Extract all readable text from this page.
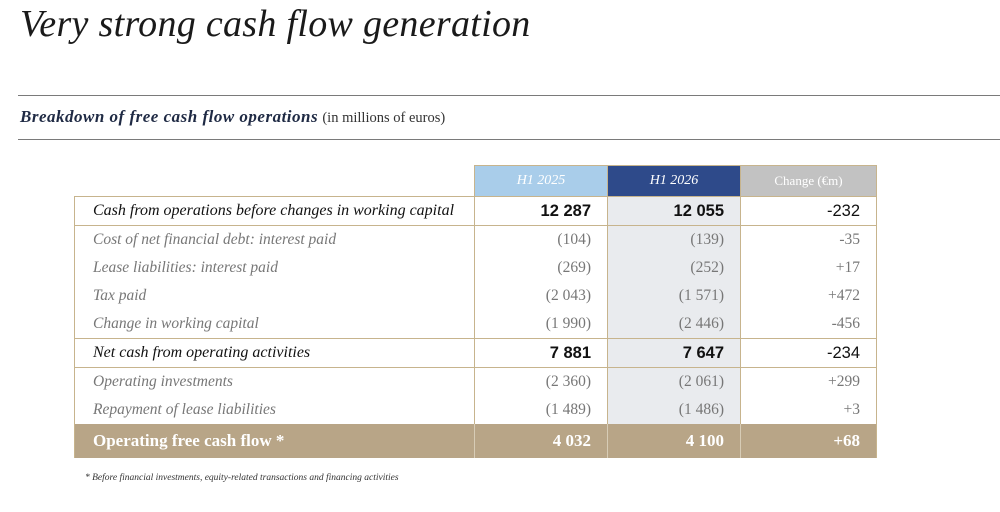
Very strong cash flow generation
Breakdown of free cash flow operations (in millions of euros)
	H1 2025	H1 2026	Change (€m)
Cash from operations before changes in working capital	12 287	12 055	-232
Cost of net financial debt: interest paid	(104)	(139)	-35
Lease liabilities: interest paid	(269)	(252)	+17
Tax paid	(2 043)	(1 571)	+472
Change in working capital	(1 990)	(2 446)	-456
Net cash from operating activities	7 881	7 647	-234
Operating investments	(2 360)	(2 061)	+299
Repayment of lease liabilities	(1 489)	(1 486)	+3
Operating free cash flow *	4 032	4 100	+68
* Before financial investments, equity-related transactions and financing activities
